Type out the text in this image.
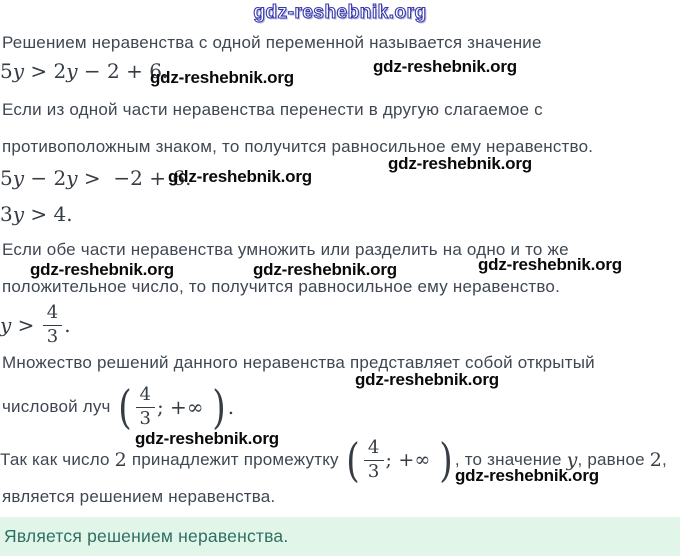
gdz-reshebnik.org
Решением неравенства с одной переменной называется значение
5y > 2y − 2 + 6.
gdz-reshebnik.org
gdz-reshebnik.org
Если из одной части неравенства перенести в другую слагаемое с
противоположным знаком, то получится равносильное ему неравенство.
5y − 2y >  −2 + 6.
gdz-reshebnik.org
gdz-reshebnik.org
3y > 4.
Если обе части неравенства умножить или разделить на одно и то же
gdz-reshebnik.org	gdz-reshebnik.org	gdz-reshebnik.org
положительное число, то получится равносильное ему неравенство.
$y > \frac{4}{3}$ .
Множество решений данного неравенства представляет собой открытый
gdz-reshebnik.org
числовой луч ( $\frac{4}{3}$ ; +∞ ) .
gdz-reshebnik.org
Так как число 2 принадлежит промежутку ( $\frac{4}{3}$ ; +∞ ) , то значение y , равное 2 ,
gdz-reshebnik.org
является решением неравенства.
Является решением неравенства.
